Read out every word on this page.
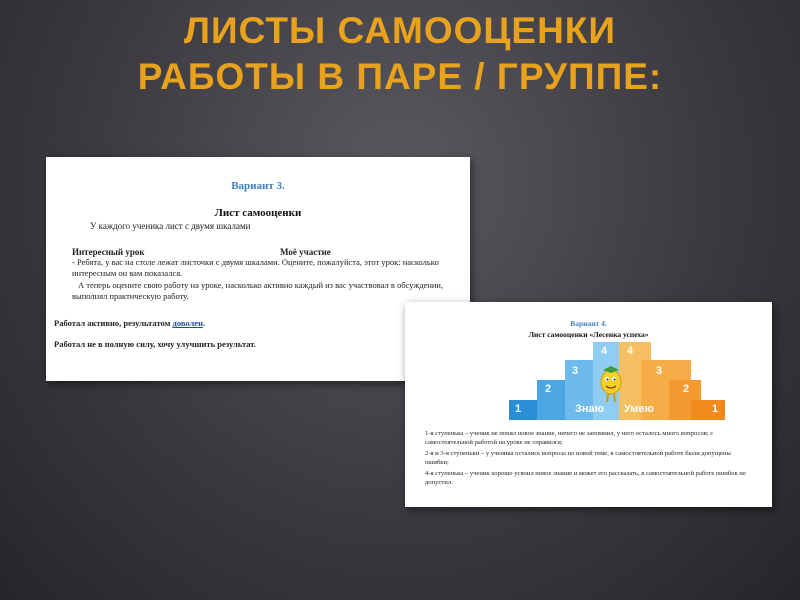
ЛИСТЫ САМООЦЕНКИ
РАБОТЫ В ПАРЕ / ГРУППЕ:
Вариант 3.
Лист самооценки
У каждого ученика лист с двумя шкалами
Интересный урок	Моё участие
- Ребята, у вас на столе лежат листочки с двумя шкалами. Оцените, пожалуйста, этот урок: насколько интересным он вам показался.
А теперь оцените свою работу на уроке, насколько активно каждый из вас участвовал в обсуждении, выполнял практическую работу.
Работал активно, результатом доволен.
Работал не в полную силу, хочу улучшить результат.
Вариант 4.
Лист самооценки «Лесенка успеха»
1
2
3
4 4
3
2
1
Знаю Умею

1-я ступенька – ученик не понял новое знание, ничего не запомнил, у него осталось много вопросов; с самостоятельной работой на уроке не справился;

2-я и 3-я ступеньки – у ученика остались вопросы по новой теме, в самостоятельной работе были допущены ошибки;

4-я ступенька – ученик хорошо усвоил новое знание и может его рассказать, в самостоятельной работе ошибок не допустил.
